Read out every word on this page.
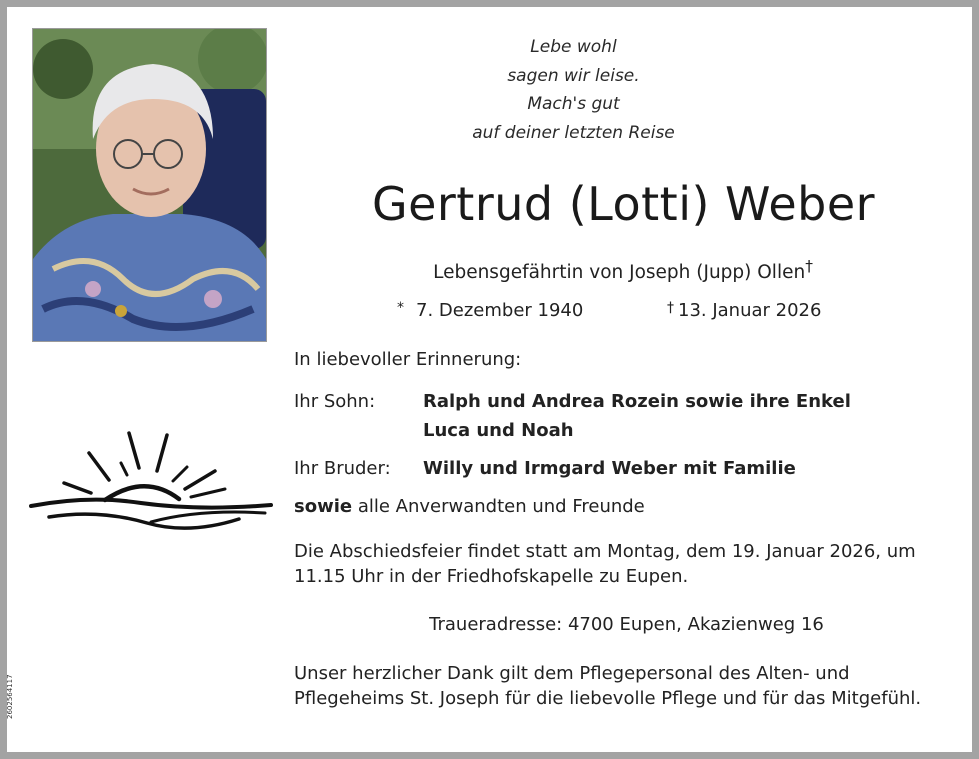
Lebe wohl
sagen wir leise.
Mach's gut
auf deiner letzten Reise
Gertrud (Lotti) Weber
Lebensgefährtin von Joseph (Jupp) Ollen†
* 7. Dezember 1940	† 13. Januar 2026
In liebevoller Erinnerung:
Ihr Sohn:	Ralph und Andrea Rozein sowie ihre Enkel
Luca und Noah
Ihr Bruder: Willy und Irmgard Weber mit Familie
sowie alle Anverwandten und Freunde
Die Abschiedsfeier findet statt am Montag, dem 19. Januar 2026, um 11.15 Uhr in der Friedhofskapelle zu Eupen.
Traueradresse: 4700 Eupen, Akazienweg 16
Unser herzlicher Dank gilt dem Pflegepersonal des Alten- und Pflegeheims St. Joseph für die liebevolle Pflege und für das Mitgefühl.
2602564117
